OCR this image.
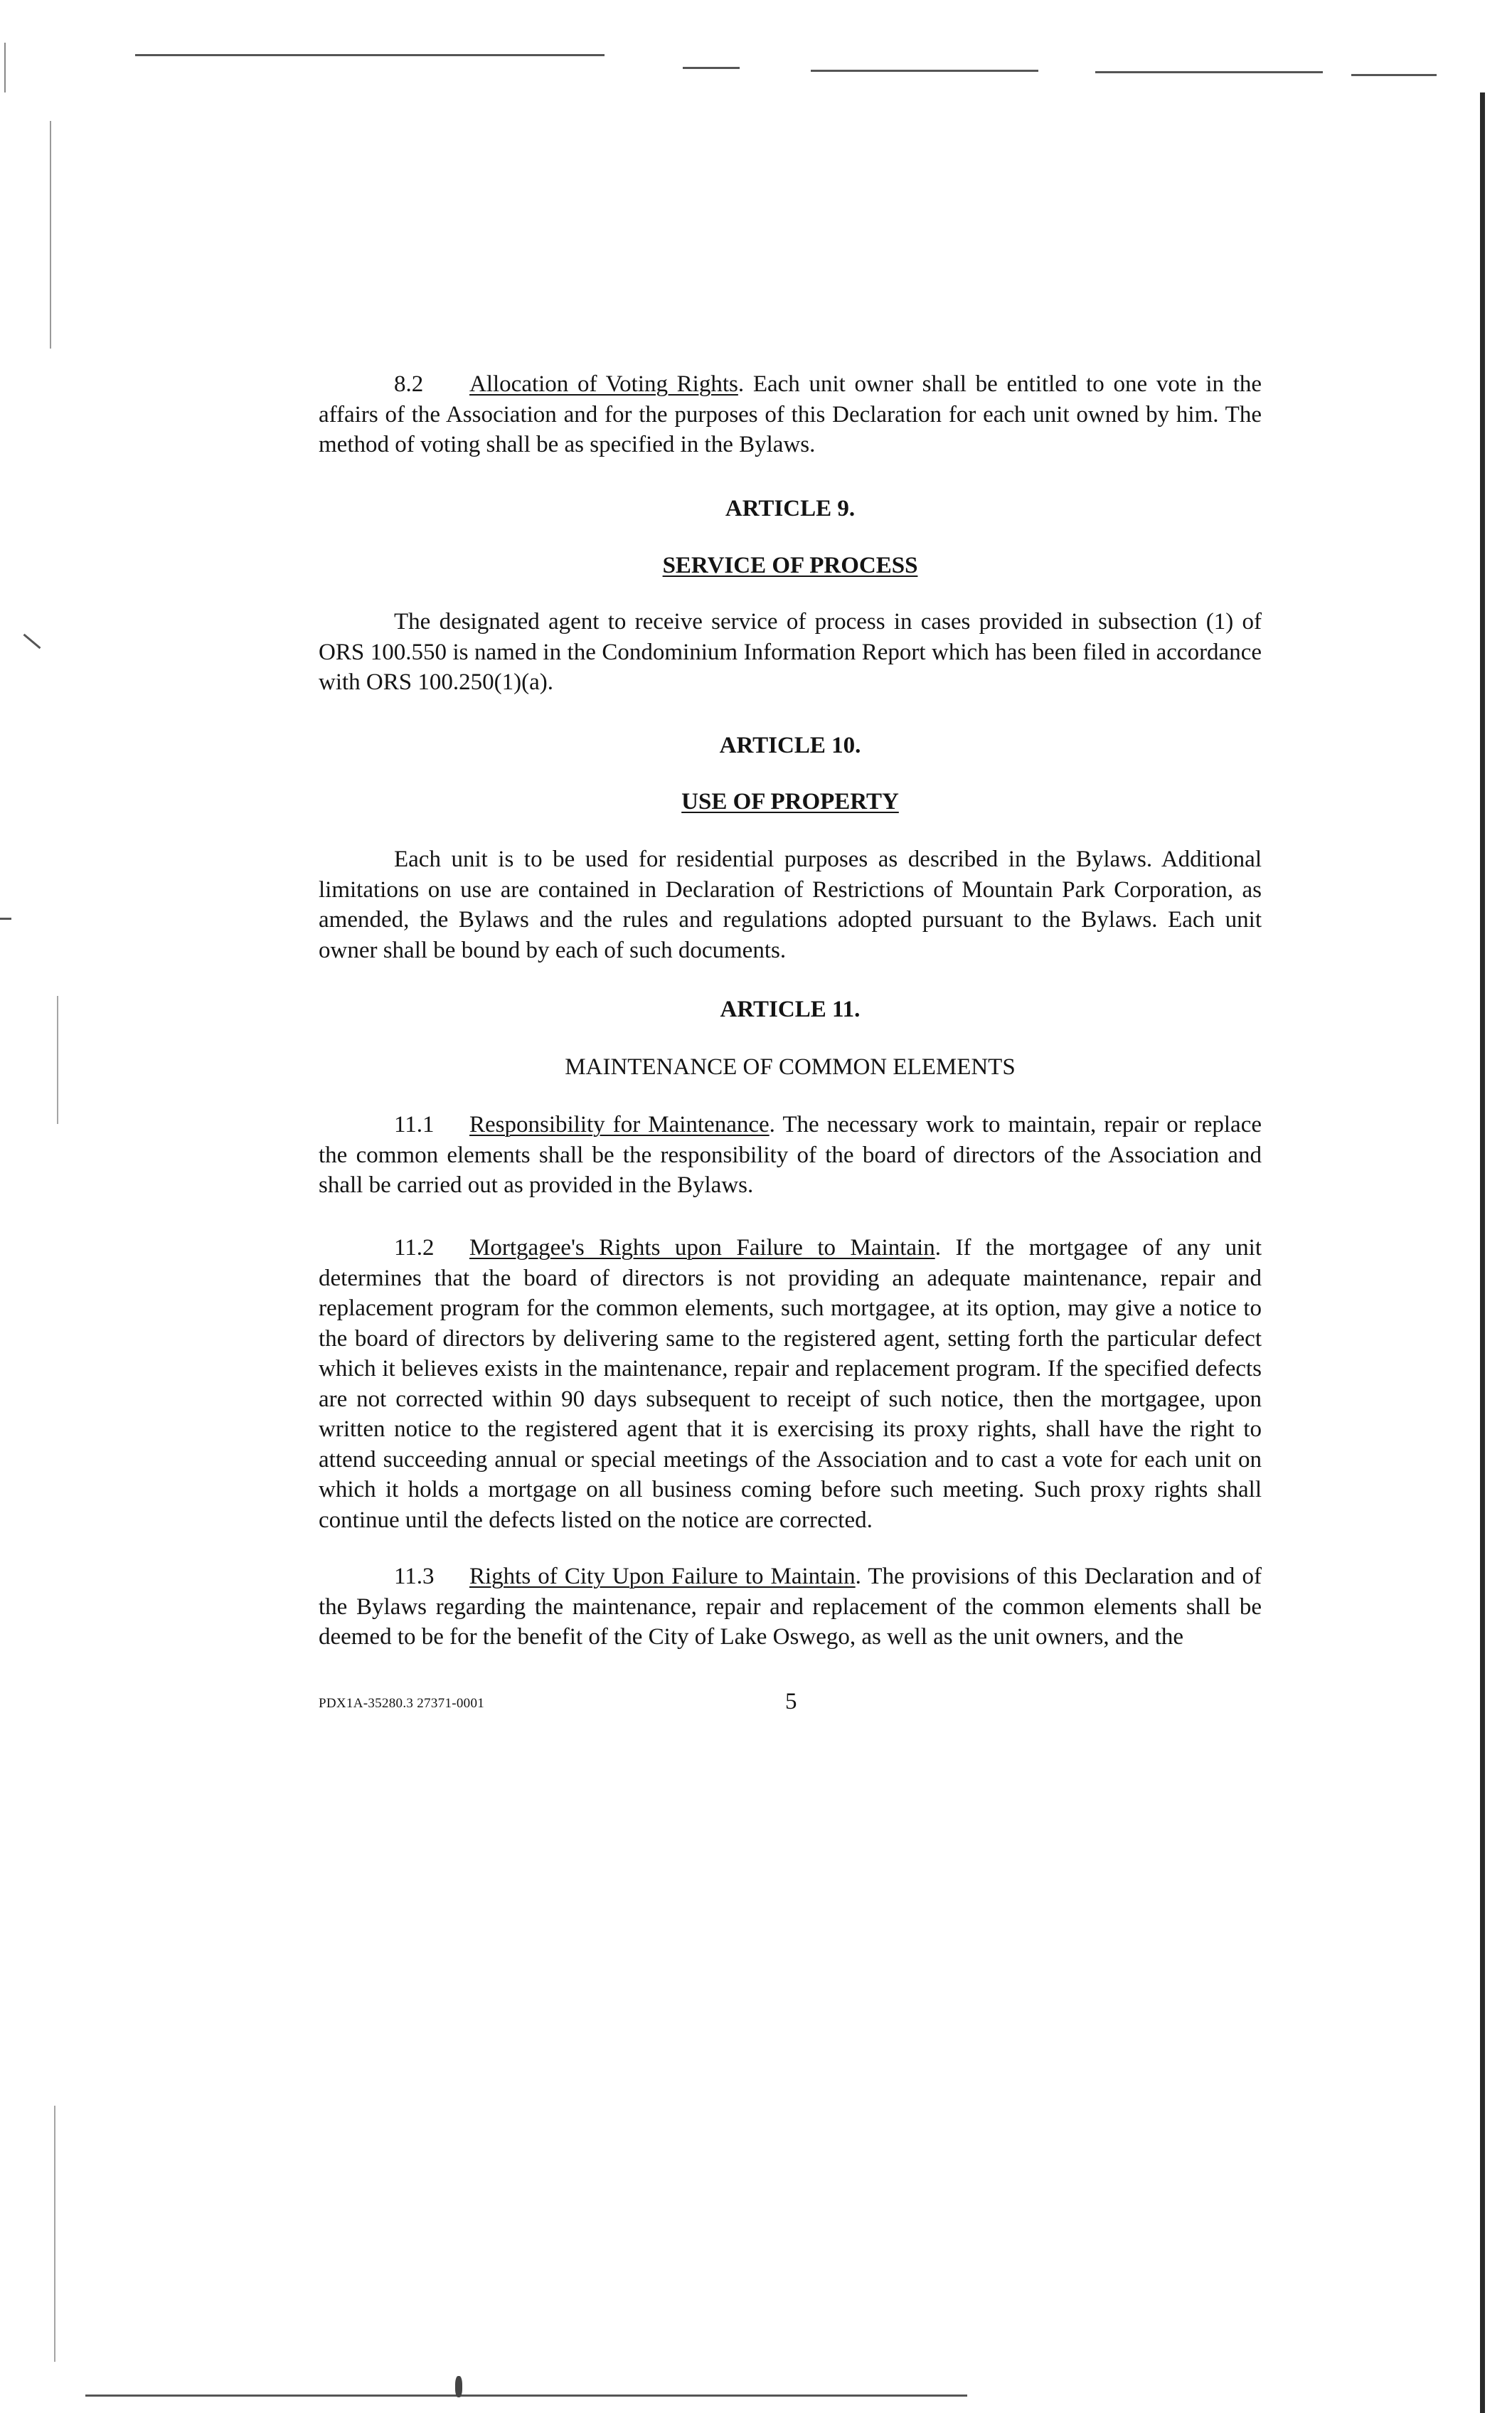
8.2 Allocation of Voting Rights. Each unit owner shall be entitled to one vote in the affairs of the Association and for the purposes of this Declaration for each unit owned by him. The method of voting shall be as specified in the Bylaws.

ARTICLE 9.
SERVICE OF PROCESS

The designated agent to receive service of process in cases provided in subsection (1) of ORS 100.550 is named in the Condominium Information Report which has been filed in accordance with ORS 100.250(1)(a).

ARTICLE 10.
USE OF PROPERTY

Each unit is to be used for residential purposes as described in the Bylaws. Additional limitations on use are contained in Declaration of Restrictions of Mountain Park Corporation, as amended, the Bylaws and the rules and regulations adopted pursuant to the Bylaws. Each unit owner shall be bound by each of such documents.

ARTICLE 11.
MAINTENANCE OF COMMON ELEMENTS

11.1 Responsibility for Maintenance. The necessary work to maintain, repair or replace the common elements shall be the responsibility of the board of directors of the Association and shall be carried out as provided in the Bylaws.

11.2 Mortgagee's Rights upon Failure to Maintain. If the mortgagee of any unit determines that the board of directors is not providing an adequate maintenance, repair and replacement program for the common elements, such mortgagee, at its option, may give a notice to the board of directors by delivering same to the registered agent, setting forth the particular defect which it believes exists in the maintenance, repair and replacement program. If the specified defects are not corrected within 90 days subsequent to receipt of such notice, then the mortgagee, upon written notice to the registered agent that it is exercising its proxy rights, shall have the right to attend succeeding annual or special meetings of the Association and to cast a vote for each unit on which it holds a mortgage on all business coming before such meeting. Such proxy rights shall continue until the defects listed on the notice are corrected.

11.3 Rights of City Upon Failure to Maintain. The provisions of this Declaration and of the Bylaws regarding the maintenance, repair and replacement of the common elements shall be deemed to be for the benefit of the City of Lake Oswego, as well as the unit owners, and the

PDX1A-35280.3 27371-0001	5
